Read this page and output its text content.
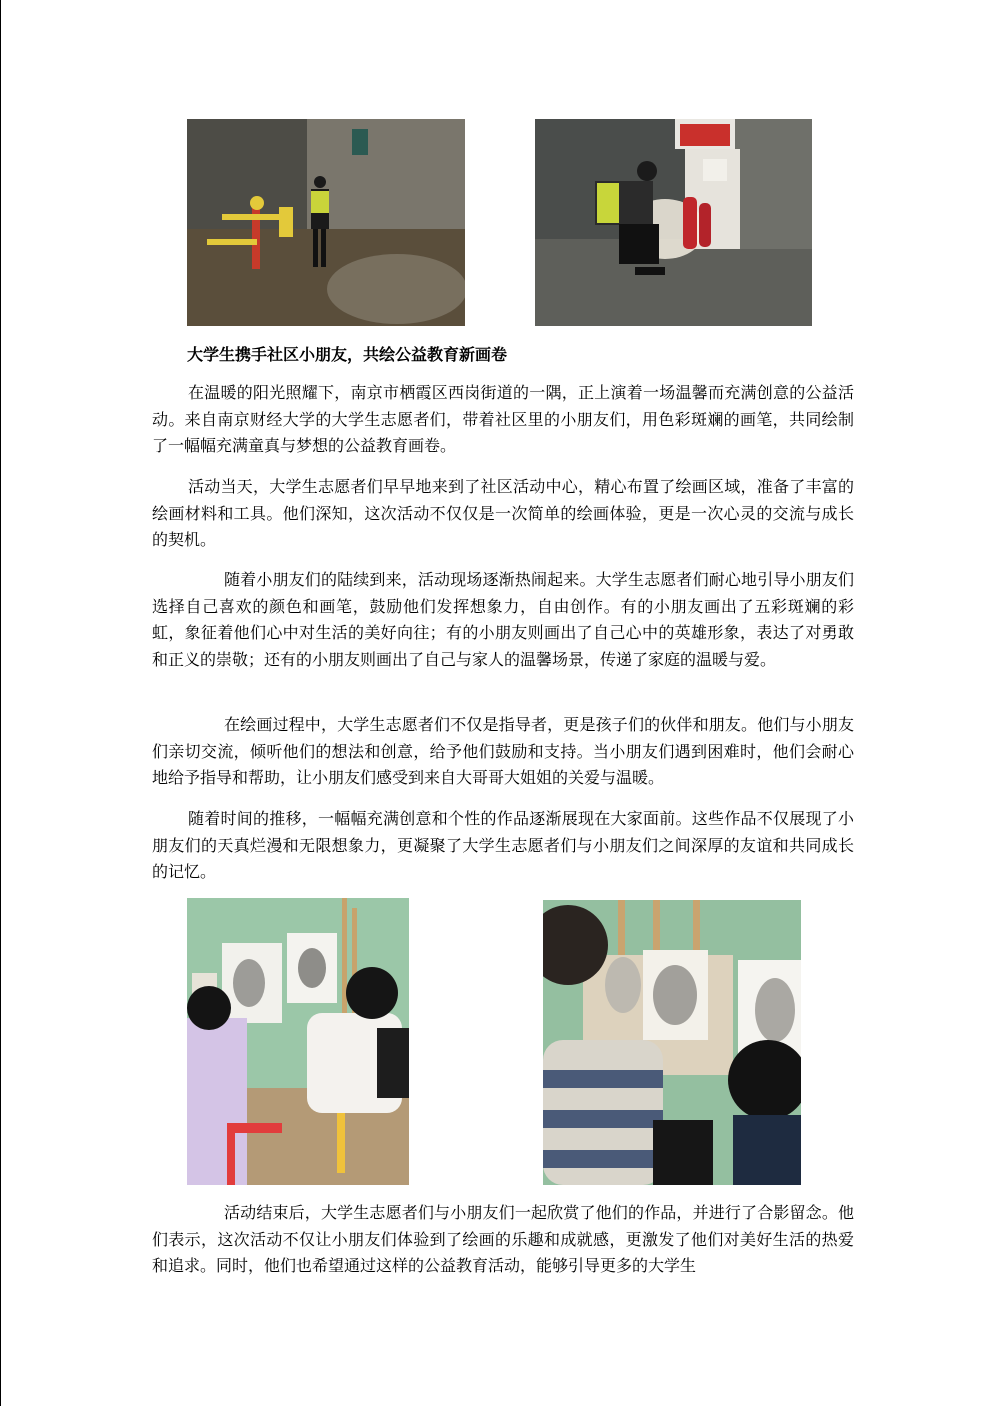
大学生携手社区小朋友，共绘公益教育新画卷

在温暖的阳光照耀下，南京市栖霞区西岗街道的一隅，正上演着一场温馨而充满创意的公益活动。来自南京财经大学的大学生志愿者们，带着社区里的小朋友们，用色彩斑斓的画笔，共同绘制了一幅幅充满童真与梦想的公益教育画卷。

活动当天，大学生志愿者们早早地来到了社区活动中心，精心布置了绘画区域，准备了丰富的绘画材料和工具。他们深知，这次活动不仅仅是一次简单的绘画体验，更是一次心灵的交流与成长的契机。

随着小朋友们的陆续到来，活动现场逐渐热闹起来。大学生志愿者们耐心地引导小朋友们选择自己喜欢的颜色和画笔，鼓励他们发挥想象力，自由创作。有的小朋友画出了五彩斑斓的彩虹，象征着他们心中对生活的美好向往；有的小朋友则画出了自己心中的英雄形象，表达了对勇敢和正义的崇敬；还有的小朋友则画出了自己与家人的温馨场景，传递了家庭的温暖与爱。

在绘画过程中，大学生志愿者们不仅是指导者，更是孩子们的伙伴和朋友。他们与小朋友们亲切交流，倾听他们的想法和创意，给予他们鼓励和支持。当小朋友们遇到困难时，他们会耐心地给予指导和帮助，让小朋友们感受到来自大哥哥大姐姐的关爱与温暖。

随着时间的推移，一幅幅充满创意和个性的作品逐渐展现在大家面前。这些作品不仅展现了小朋友们的天真烂漫和无限想象力，更凝聚了大学生志愿者们与小朋友们之间深厚的友谊和共同成长的记忆。

活动结束后，大学生志愿者们与小朋友们一起欣赏了他们的作品，并进行了合影留念。他们表示，这次活动不仅让小朋友们体验到了绘画的乐趣和成就感，更激发了他们对美好生活的热爱和追求。同时，他们也希望通过这样的公益教育活动，能够引导更多的大学生
